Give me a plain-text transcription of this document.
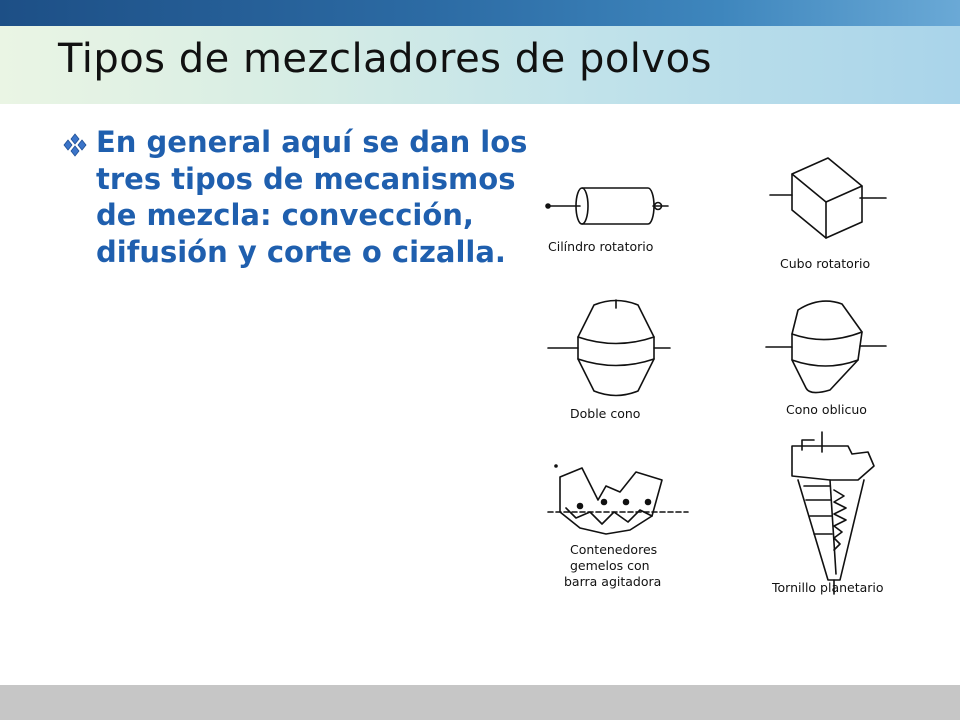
Tipos de mezcladores de polvos

En general aquí se dan los tres tipos de mecanismos de mezcla: convección, difusión y corte o cizalla.	Cilíndro rotatorio
Cubo rotatorio
Doble cono	Cono oblicuo
Contenedores
gemelos con
barra agitadora	Tornillo planetario
